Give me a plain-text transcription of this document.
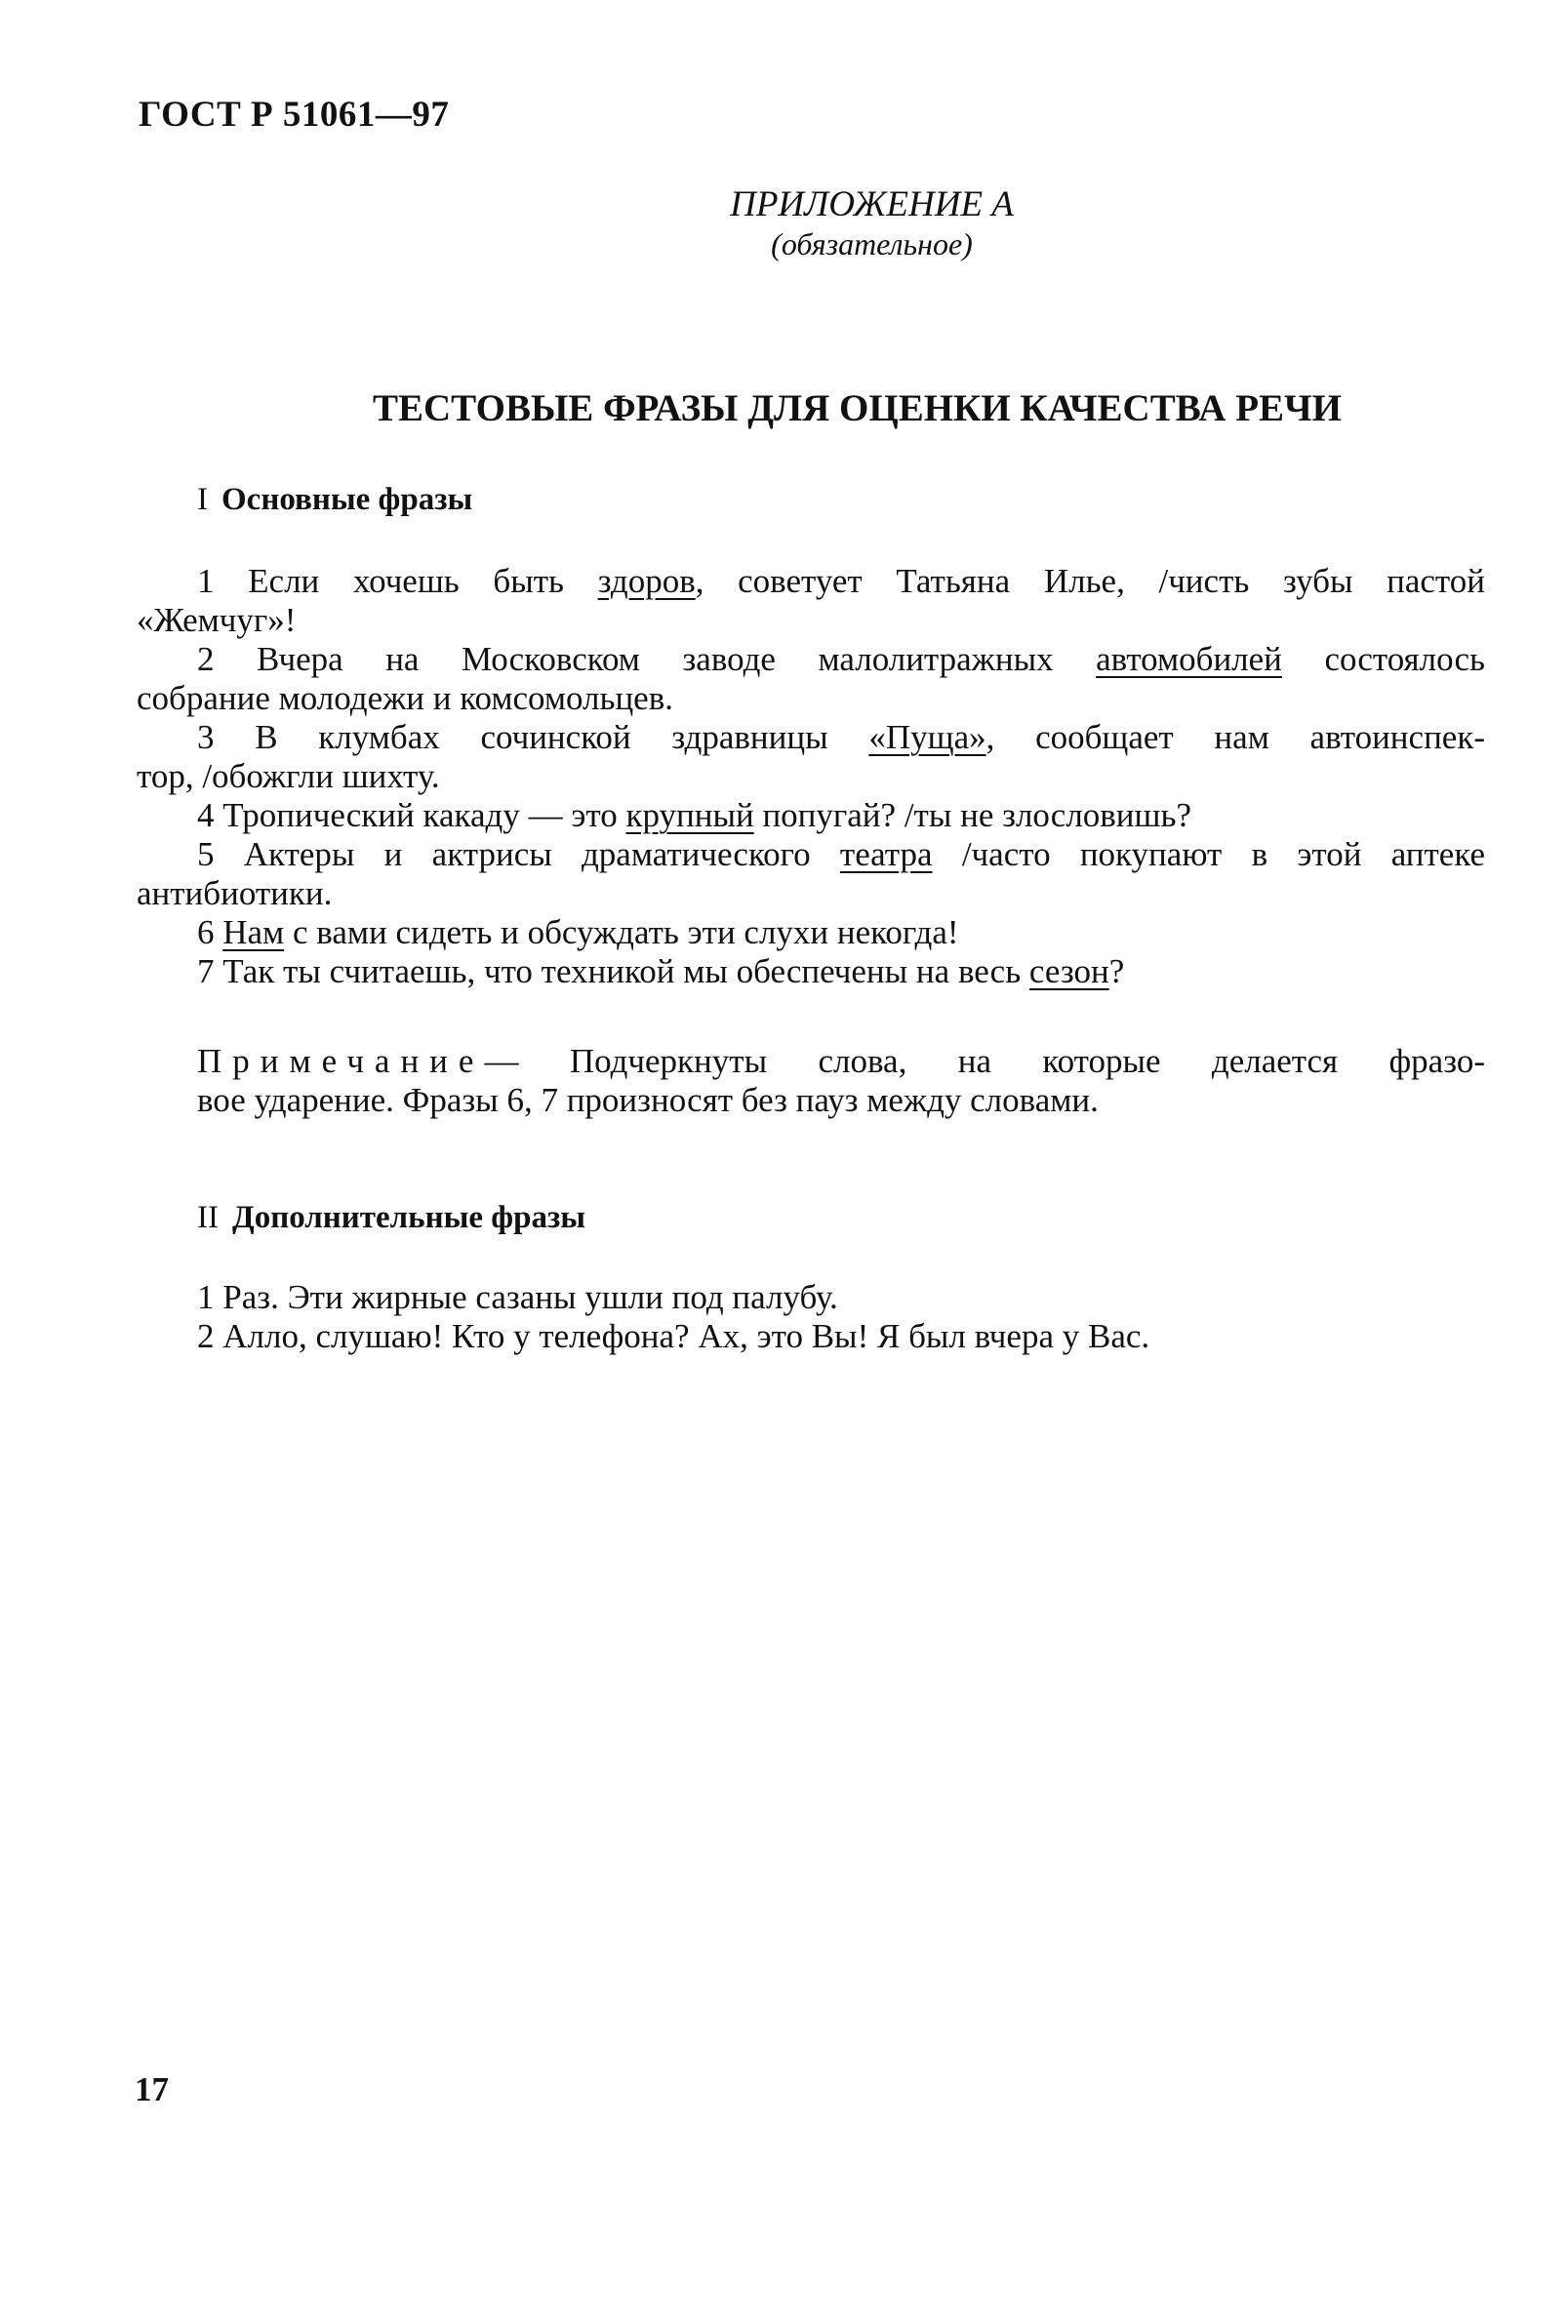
ГОСТ Р 51061—97
ПРИЛОЖЕНИЕ А
(обязательное)
ТЕСТОВЫЕ ФРАЗЫ ДЛЯ ОЦЕНКИ КАЧЕСТВА РЕЧИ
I Основные фразы
1 Если хочешь быть здоров, советует Татьяна Илье, /чисть зубы пастой
«Жемчуг»!
2 Вчера на Московском заводе малолитражных автомобилей состоялось
собрание молодежи и комсомольцев.
3 В клумбах сочинской здравницы «Пуща», сообщает нам автоинспек-
тор, /обожгли шихту.
4 Тропический какаду — это крупный попугай? /ты не злословишь?
5 Актеры и актрисы драматического театра /часто покупают в этой аптеке
антибиотики.
6 Нам с вами сидеть и обсуждать эти слухи некогда!
7 Так ты считаешь, что техникой мы обеспечены на весь сезон?
Примечание— Подчеркнуты слова, на которые делается фразо-
вое ударение. Фразы 6, 7 произносят без пауз между словами.
II Дополнительные фразы
1 Раз. Эти жирные сазаны ушли под палубу.
2 Алло, слушаю! Кто у телефона? Ах, это Вы! Я был вчера у Вас.
17
